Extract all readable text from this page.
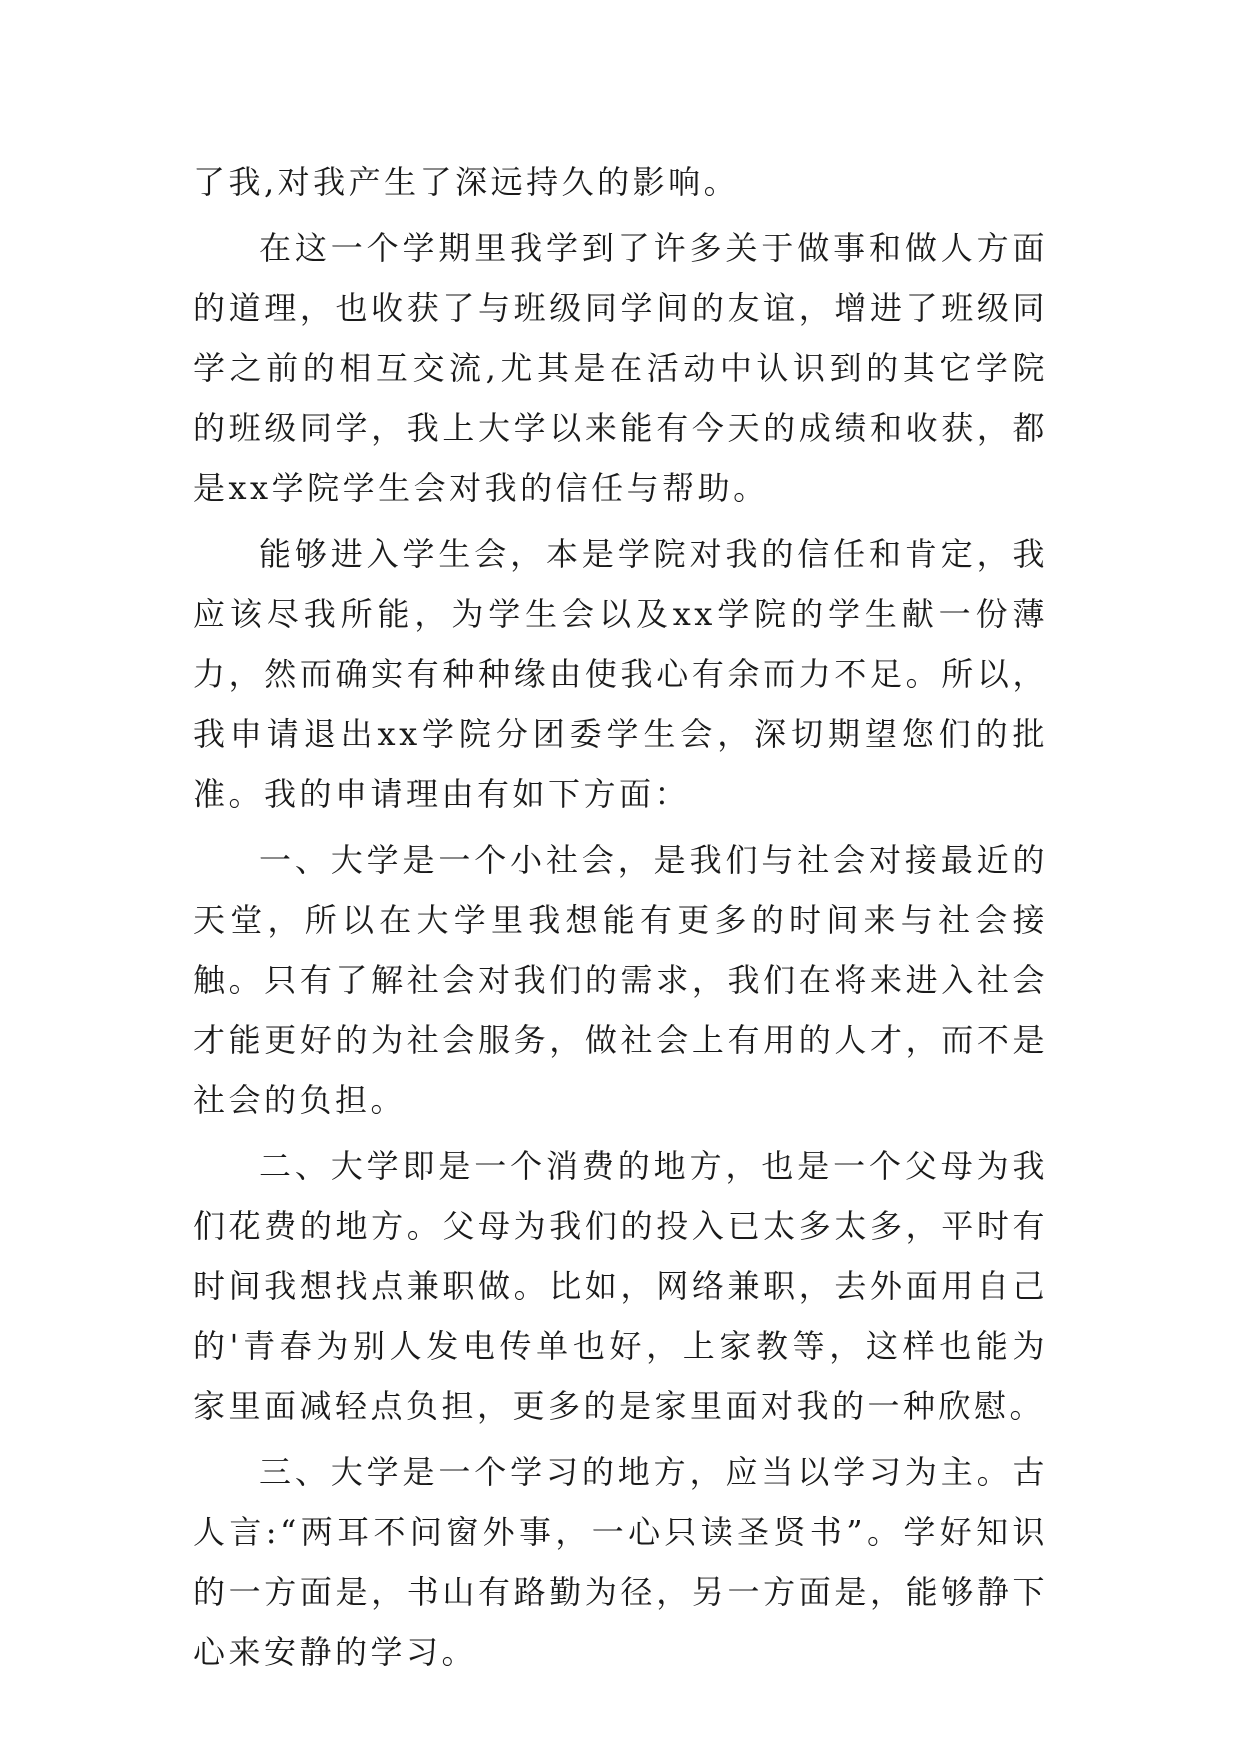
了我,对我产生了深远持久的影响。

在这一个学期里我学到了许多关于做事和做人方面的道理，也收获了与班级同学间的友谊，增进了班级同学之前的相互交流,尤其是在活动中认识到的其它学院的班级同学，我上大学以来能有今天的成绩和收获，都是xx学院学生会对我的信任与帮助。

能够进入学生会，本是学院对我的信任和肯定，我应该尽我所能，为学生会以及xx学院的学生献一份薄力，然而确实有种种缘由使我心有余而力不足。所以，我申请退出xx学院分团委学生会，深切期望您们的批准。我的申请理由有如下方面：

一、大学是一个小社会，是我们与社会对接最近的天堂，所以在大学里我想能有更多的时间来与社会接触。只有了解社会对我们的需求，我们在将来进入社会才能更好的为社会服务，做社会上有用的人才，而不是社会的负担。

二、大学即是一个消费的地方，也是一个父母为我们花费的地方。父母为我们的投入已太多太多，平时有时间我想找点兼职做。比如，网络兼职，去外面用自己的'青春为别人发电传单也好，上家教等，这样也能为家里面减轻点负担，更多的是家里面对我的一种欣慰。

三、大学是一个学习的地方，应当以学习为主。古人言:“两耳不问窗外事，一心只读圣贤书”。学好知识的一方面是，书山有路勤为径，另一方面是，能够静下心来安静的学习。
